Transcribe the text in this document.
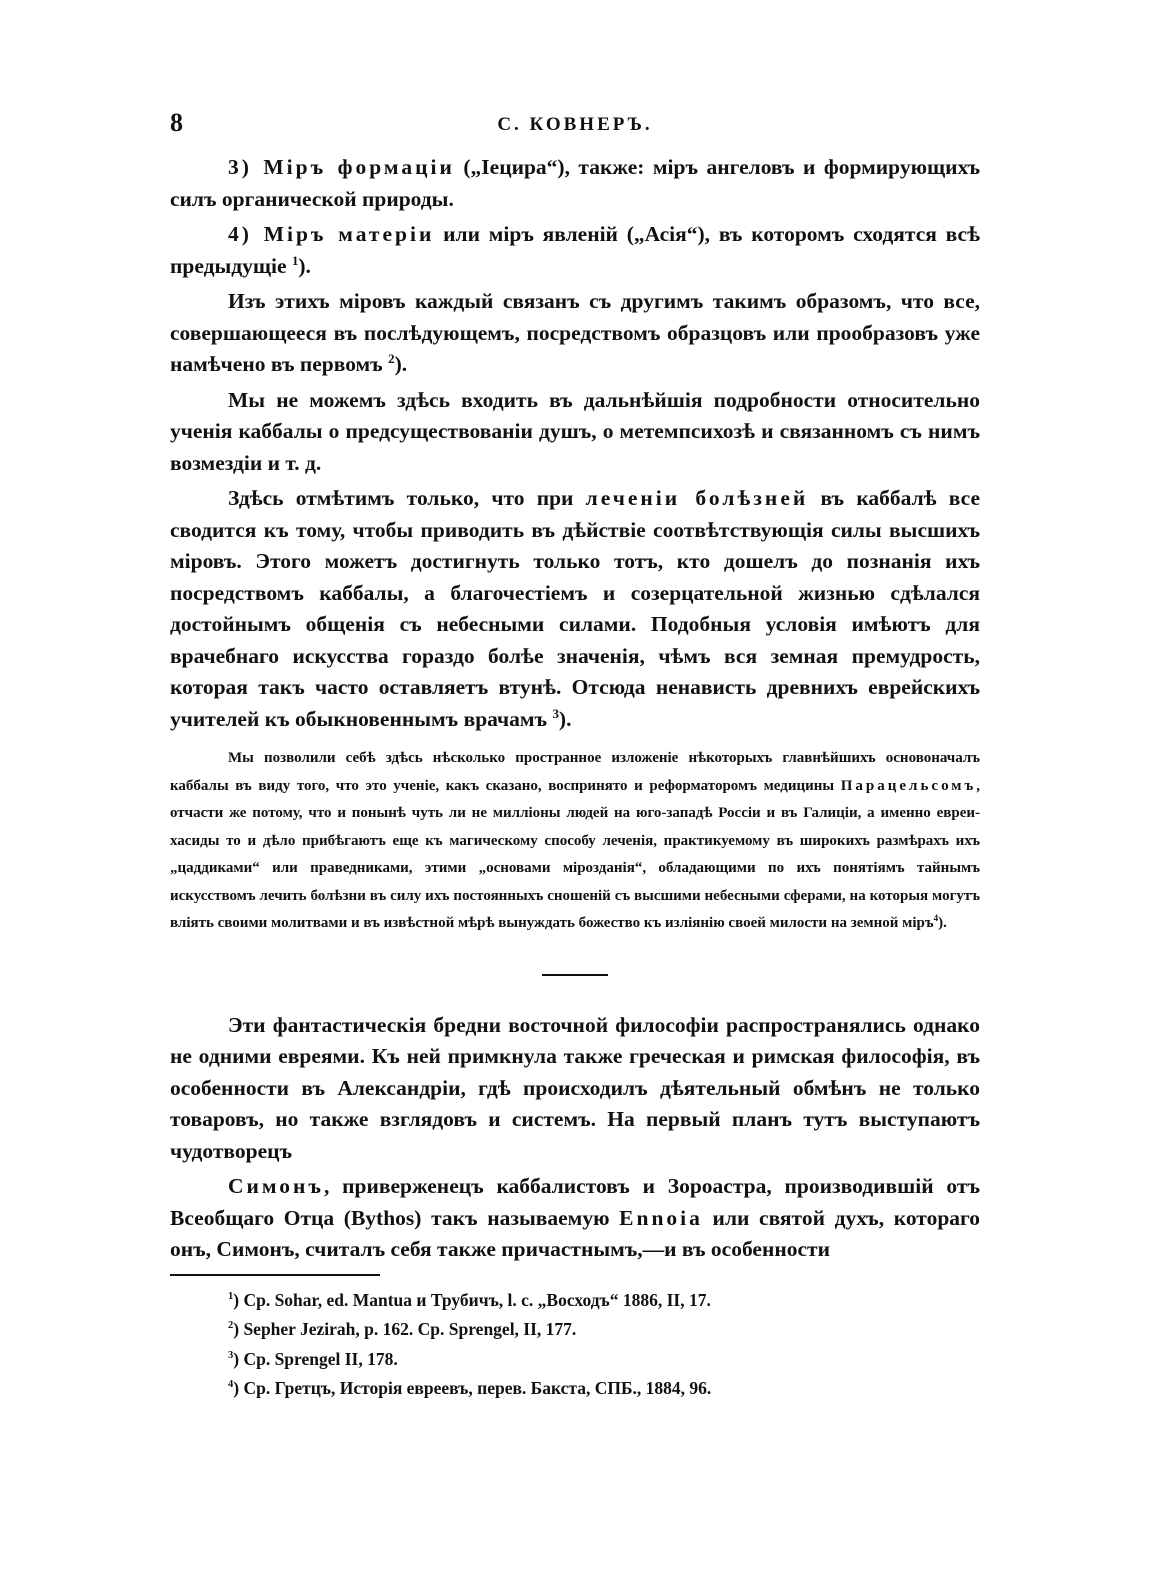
8	С. КОВНЕРЪ.

3) Міръ формаціи („Іецира“), также: міръ ангеловъ и формирующихъ силъ органической природы.

4) Міръ матеріи или міръ явленій („Асія“), въ которомъ сходятся всѣ предыдущіе $^1$).

Изъ этихъ міровъ каждый связанъ съ другимъ такимъ образомъ, что все, совершающееся въ послѣдующемъ, посредствомъ образцовъ или прообразовъ уже намѣчено въ первомъ $^2$).

Мы не можемъ здѣсь входить въ дальнѣйшія подробности относительно ученія каббалы о предсуществованіи душъ, о метемпсихозѣ и связанномъ съ нимъ возмездіи и т. д.

Здѣсь отмѣтимъ только, что при леченіи болѣзней въ каббалѣ все сводится къ тому, чтобы приводить въ дѣйствіе соотвѣтствующія силы высшихъ міровъ. Этого можетъ достигнуть только тотъ, кто дошелъ до познанія ихъ посредствомъ каббалы, а благочестіемъ и созерцательной жизнью сдѣлался достойнымъ общенія съ небесными силами. Подобныя условія имѣютъ для врачебнаго искусства гораздо болѣе значенія, чѣмъ вся земная премудрость, которая такъ часто оставляетъ втунѣ. Отсюда ненависть древнихъ еврейскихъ учителей къ обыкновеннымъ врачамъ $^3$).

Мы позволили себѣ здѣсь нѣсколько пространное изложеніе нѣкоторыхъ главнѣйшихъ основоначалъ каббалы въ виду того, что это ученіе, какъ сказано, воспринято и реформаторомъ медицины Парацельсомъ, отчасти же потому, что и понынѣ чуть ли не милліоны людей на юго-западѣ Россіи и въ Галиціи, а именно евреи-хасиды то и дѣло прибѣгаютъ еще къ магическому способу леченія, практикуемому въ широкихъ размѣрахъ ихъ „цаддиками“ или праведниками, этими „основами мірозданія“, обладающими по ихъ понятіямъ тайнымъ искусствомъ лечить болѣзни въ силу ихъ постоянныхъ сношеній съ высшими небесными сферами, на которыя могутъ вліять своими молитвами и въ извѣстной мѣрѣ вынуждать божество къ изліянію своей милости на земной міръ$^4$).

Эти фантастическія бредни восточной философіи распространялись однако не одними евреями. Къ ней примкнула также греческая и римская философія, въ особенности въ Александріи, гдѣ происходилъ дѣятельный обмѣнъ не только товаровъ, но также взглядовъ и системъ. На первый планъ тутъ выступаютъ чудотворецъ

Симонъ, приверженецъ каббалистовъ и Зороастра, производившій отъ Всеобщаго Отца (Bythos) такъ называемую Ennoia или святой духъ, котораго онъ, Симонъ, считалъ себя также причастнымъ,—и въ особенности

$^1$) Ср. Sohar, ed. Mantua и Трубичъ, l. c. „Восходъ“ 1886, II, 17.
$^2$) Sepher Jezirah, p. 162. Ср. Sprengel, II, 177.
$^3$) Ср. Sprengel II, 178.
$^4$) Ср. Гретцъ, Исторія евреевъ, перев. Бакста, СПБ., 1884, 96.
